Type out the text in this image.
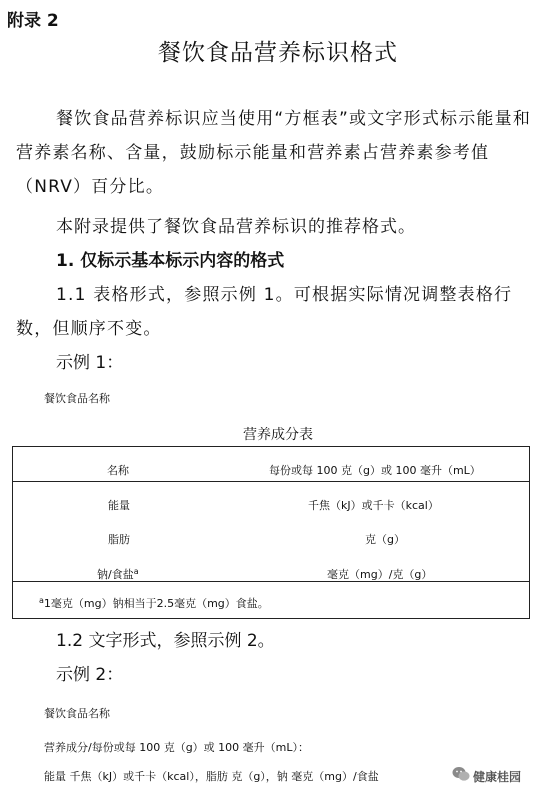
附录 2
餐饮食品营养标识格式
餐饮食品营养标识应当使用“方框表”或文字形式标示能量和营养素名称、含量，鼓励标示能量和营养素占营养素参考值（NRV）百分比。
本附录提供了餐饮食品营养标识的推荐格式。
1. 仅标示基本标示内容的格式
1.1 表格形式，参照示例 1。可根据实际情况调整表格行数，但顺序不变。
示例 1：
餐饮食品名称
营养成分表
名称	每份或每 100 克（g）或 100 毫升（mL）
能量	千焦（kJ）或千卡（kcal）
脂肪	克（g）
钠/食盐$^a$	毫克（mg）/克（g）
$^a$1毫克（mg）钠相当于2.5毫克（mg）食盐。
1.2 文字形式，参照示例 2。
示例 2：
餐饮食品名称
营养成分/每份或每 100 克（g）或 100 毫升（mL）：
能量 千焦（kJ）或千卡（kcal），脂肪 克（g），钠 毫克（mg）/食盐	健康桂园
